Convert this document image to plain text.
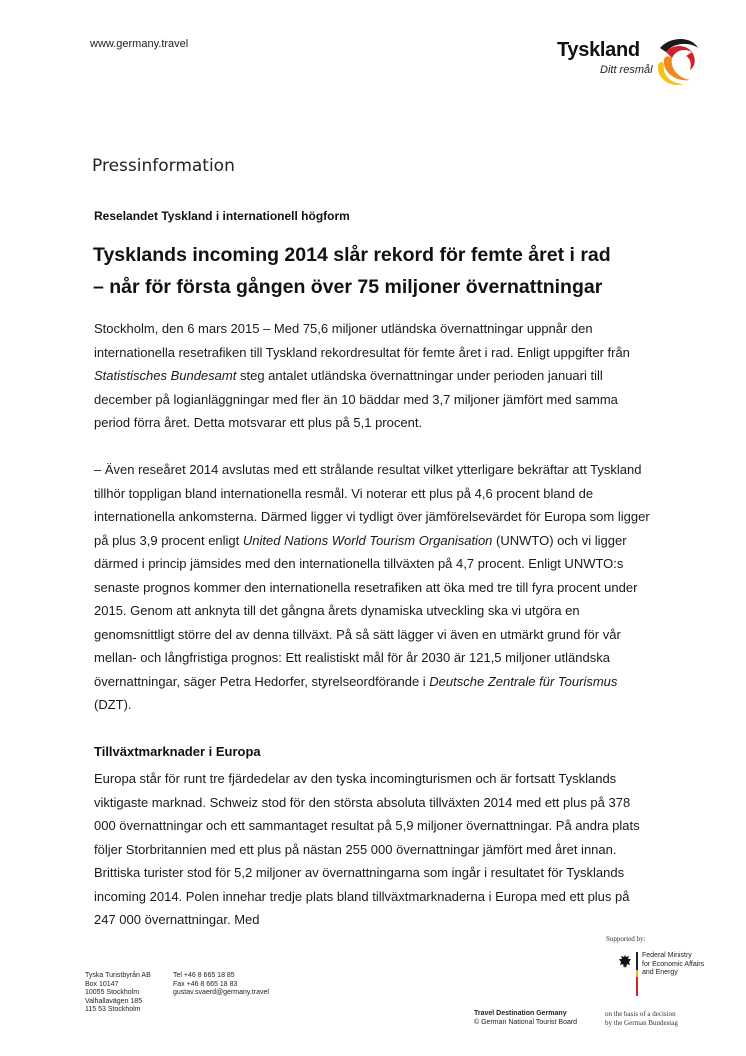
www.germany.travel	Tyskland
Ditt resmål
Pressinformation
Reselandet Tyskland i internationell högform
Tysklands incoming 2014 slår rekord för femte året i rad
– når för första gången över 75 miljoner övernattningar

Stockholm, den 6 mars 2015 – Med 75,6 miljoner utländska övernattningar uppnår den internationella resetrafiken till Tyskland rekordresultat för femte året i rad. Enligt uppgifter från Statistisches Bundesamt steg antalet utländska övernattningar under perioden januari till december på logianläggningar med fler än 10 bäddar med 3,7 miljoner jämfört med samma period förra året. Detta motsvarar ett plus på 5,1 procent.

– Även reseåret 2014 avslutas med ett strålande resultat vilket ytterligare bekräftar att Tyskland tillhör toppligan bland internationella resmål. Vi noterar ett plus på 4,6 procent bland de internationella ankomsterna. Därmed ligger vi tydligt över jämförelsevärdet för Europa som ligger på plus 3,9 procent enligt United Nations World Tourism Organisation (UNWTO) och vi ligger därmed i princip jämsides med den internationella tillväxten på 4,7 procent. Enligt UNWTO:s senaste prognos kommer den internationella resetrafiken att öka med tre till fyra procent under 2015. Genom att anknyta till det gångna årets dynamiska utveckling ska vi utgöra en genomsnittligt större del av denna tillväxt. På så sätt lägger vi även en utmärkt grund för vår mellan- och långfristiga prognos: Ett realistiskt mål för år 2030 är 121,5 miljoner utländska övernattningar, säger Petra Hedorfer, styrelseordförande i Deutsche Zentrale für Tourismus (DZT).

Tillväxtmarknader i Europa

Europa står för runt tre fjärdedelar av den tyska incomingturismen och är fortsatt Tysklands viktigaste marknad. Schweiz stod för den största absoluta tillväxten 2014 med ett plus på 378 000 övernattningar och ett sammantaget resultat på 5,9 miljoner övernattningar. På andra plats följer Storbritannien med ett plus på nästan 255 000 övernattningar jämfört med året innan. Brittiska turister stod för 5,2 miljoner av övernattningarna som ingår i resultatet för Tysklands incoming 2014. Polen innehar tredje plats bland tillväxtmarknaderna i Europa med ett plus på 247 000 övernattningar. Med

Tyska Turistbyrån AB
Box 10147
10055 Stockholm
Valhallavägen 185
115 53 Stockholm
Tel +46 8 665 18 85
Fax +46 8 665 18 83
gustav.svaerd@germany.travel
Travel Destination Germany
© German National Tourist Board
Supported by:
Federal Ministry
for Economic Affairs
and Energy
on the basis of a decision
by the German Bundestag
